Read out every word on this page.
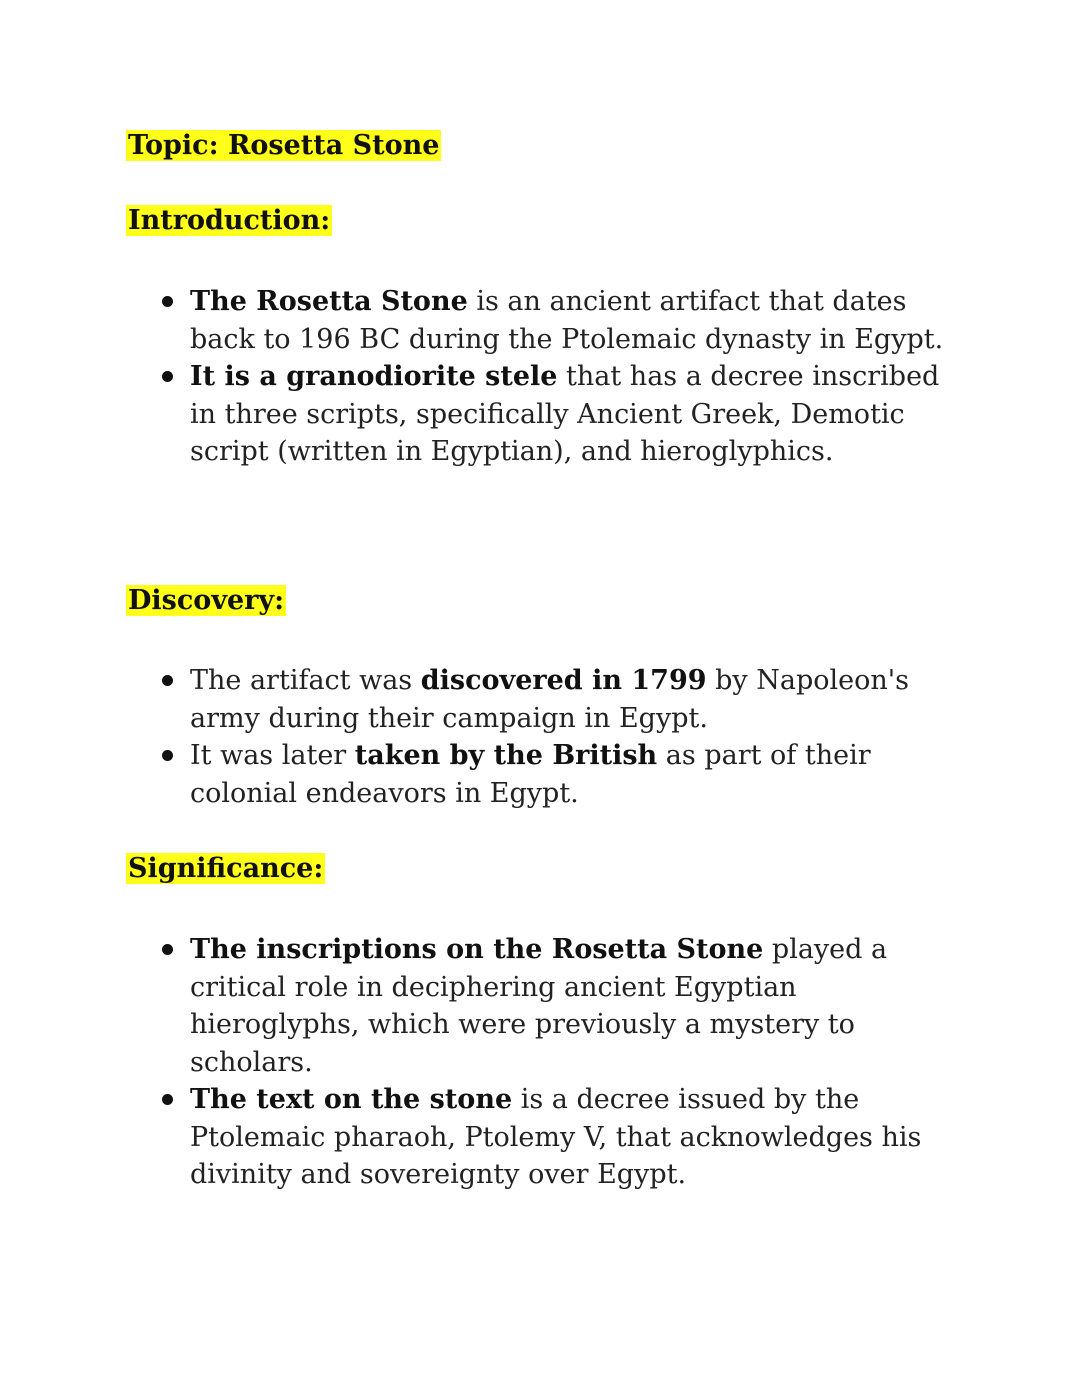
Topic: Rosetta Stone
Introduction:
The Rosetta Stone is an ancient artifact that dates back to 196 BC during the Ptolemaic dynasty in Egypt.
It is a granodiorite stele that has a decree inscribed in three scripts, specifically Ancient Greek, Demotic script (written in Egyptian), and hieroglyphics.
Discovery:
The artifact was discovered in 1799 by Napoleon's army during their campaign in Egypt.
It was later taken by the British as part of their colonial endeavors in Egypt.
Significance:
The inscriptions on the Rosetta Stone played a critical role in deciphering ancient Egyptian hieroglyphs, which were previously a mystery to scholars.
The text on the stone is a decree issued by the Ptolemaic pharaoh, Ptolemy V, that acknowledges his divinity and sovereignty over Egypt.
